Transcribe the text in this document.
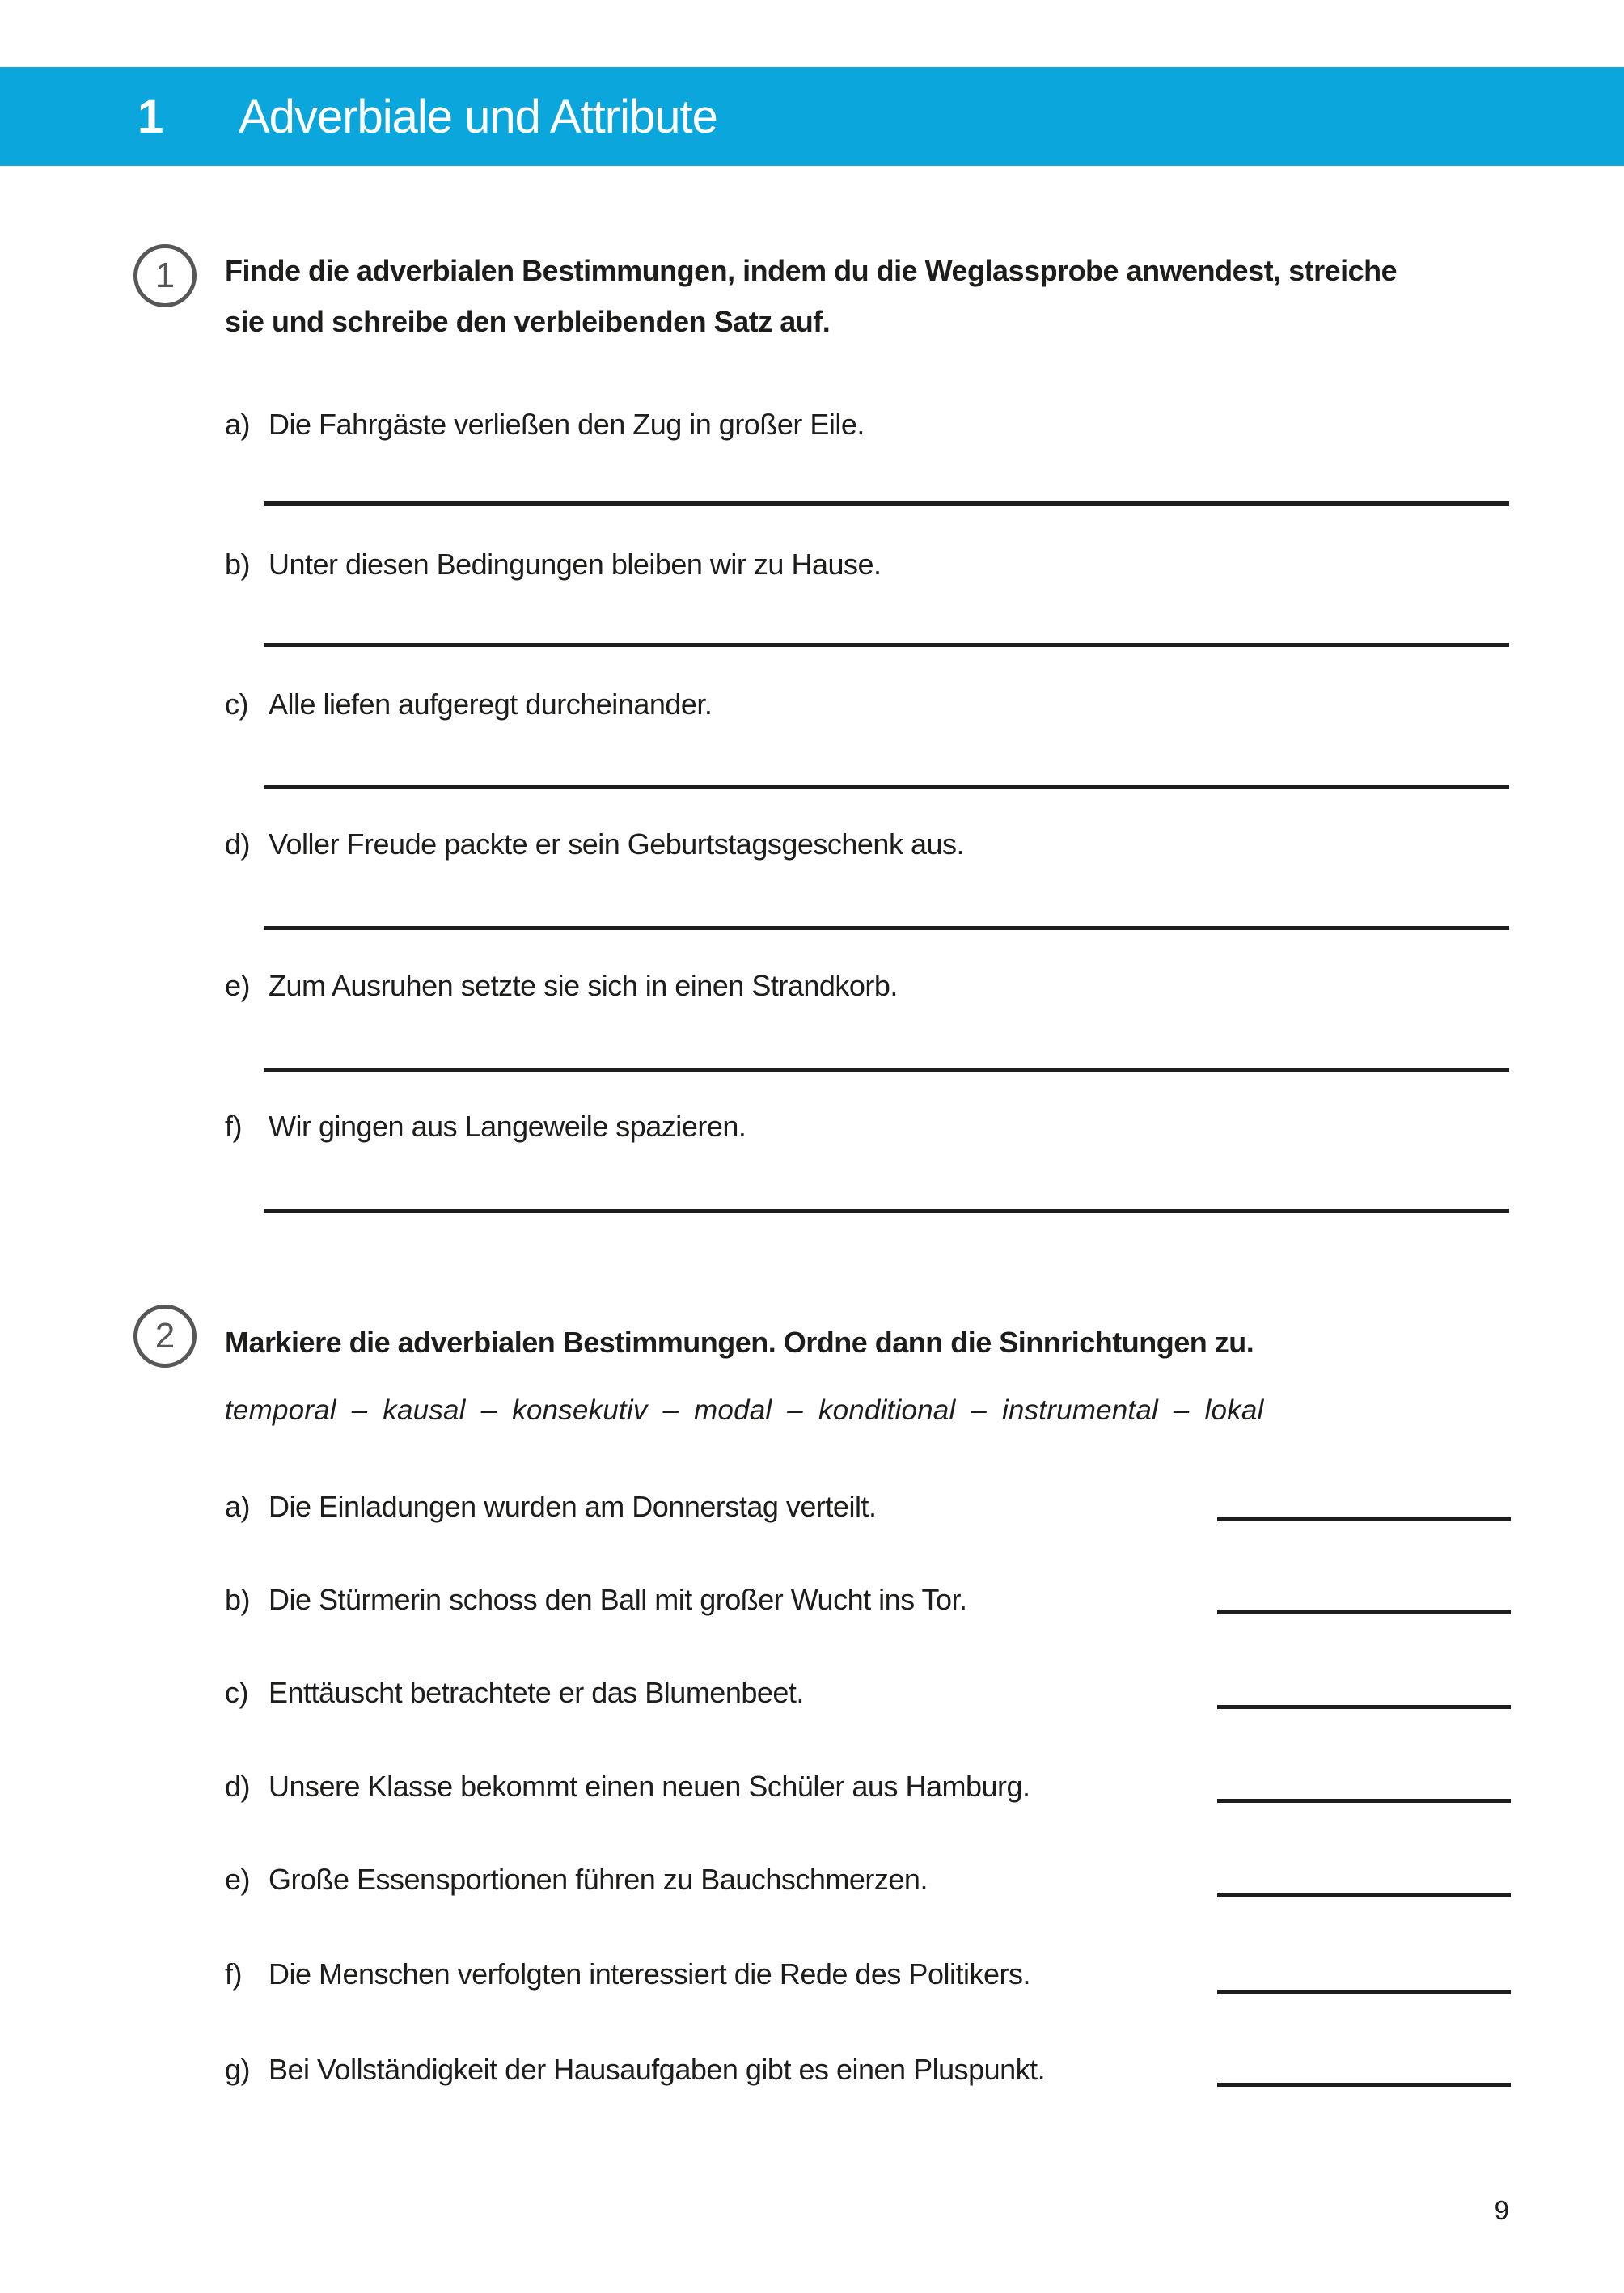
1 Adverbiale und Attribute
1 Finde die adverbialen Bestimmungen, indem du die Weglassprobe anwendest, streiche sie und schreibe den verbleibenden Satz auf.
a) Die Fahrgäste verließen den Zug in großer Eile.
b) Unter diesen Bedingungen bleiben wir zu Hause.
c) Alle liefen aufgeregt durcheinander.
d) Voller Freude packte er sein Geburtstagsgeschenk aus.
e) Zum Ausruhen setzte sie sich in einen Strandkorb.
f) Wir gingen aus Langeweile spazieren.
2 Markiere die adverbialen Bestimmungen. Ordne dann die Sinnrichtungen zu.
temporal – kausal – konsekutiv – modal – konditional – instrumental – lokal
a) Die Einladungen wurden am Donnerstag verteilt.
b) Die Stürmerin schoss den Ball mit großer Wucht ins Tor.
c) Enttäuscht betrachtete er das Blumenbeet.
d) Unsere Klasse bekommt einen neuen Schüler aus Hamburg.
e) Große Essensportionen führen zu Bauchschmerzen.
f) Die Menschen verfolgten interessiert die Rede des Politikers.
g) Bei Vollständigkeit der Hausaufgaben gibt es einen Pluspunkt.
9
